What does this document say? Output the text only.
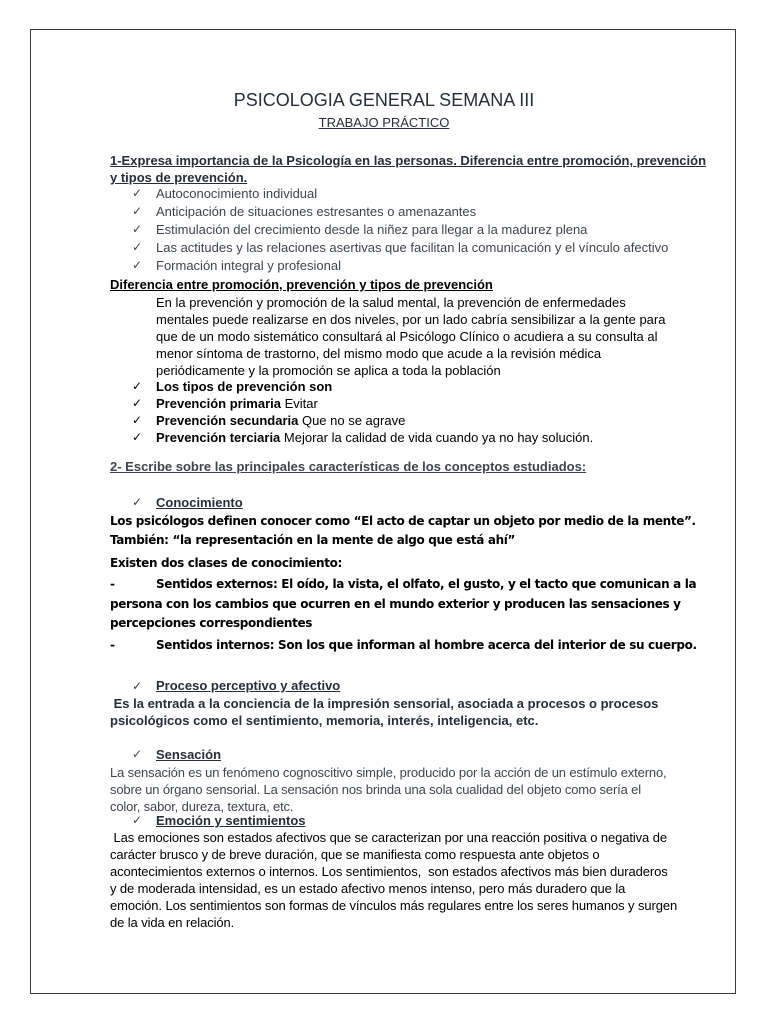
PSICOLOGIA GENERAL SEMANA III

TRABAJO PRÁCTICO

1-Expresa importancia de la Psicología en las personas. Diferencia entre promoción, prevención
y tipos de prevención.
✓ Autoconocimiento individual
✓ Anticipación de situaciones estresantes o amenazantes
✓ Estimulación del crecimiento desde la niñez para llegar a la madurez plena
✓ Las actitudes y las relaciones asertivas que facilitan la comunicación y el vínculo afectivo
✓ Formación integral y profesional

Diferencia entre promoción, prevención y tipos de prevención

En la prevención y promoción de la salud mental, la prevención de enfermedades
mentales puede realizarse en dos niveles, por un lado cabría sensibilizar a la gente para
que de un modo sistemático consultará al Psicólogo Clínico o acudiera a su consulta al
menor síntoma de trastorno, del mismo modo que acude a la revisión médica
periódicamente y la promoción se aplica a toda la población
✓ Los tipos de prevención son
✓ Prevención primaria Evitar
✓ Prevención secundaria Que no se agrave
✓ Prevención terciaria Mejorar la calidad de vida cuando ya no hay solución.

2- Escribe sobre las principales características de los conceptos estudiados:

✓ Conocimiento

Los psicólogos definen conocer como “El acto de captar un objeto por medio de la mente”.

También: “la representación en la mente de algo que está ahí”

Existen dos clases de conocimiento:

-	Sentidos externos: El oído, la vista, el olfato, el gusto, y el tacto que comunican a la

persona con los cambios que ocurren en el mundo exterior y producen las sensaciones y

percepciones correspondientes

-	Sentidos internos: Son los que informan al hombre acerca del interior de su cuerpo.

✓ Proceso perceptivo y afectivo
Es la entrada a la conciencia de la impresión sensorial, asociada a procesos o procesos
psicológicos como el sentimiento, memoria, interés, inteligencia, etc.
✓ Sensación
La sensación es un fenómeno cognoscitivo simple, producido por la acción de un estímulo externo,
sobre un órgano sensorial. La sensación nos brinda una sola cualidad del objeto como sería el
color, sabor, dureza, textura, etc.
✓ Emoción y sentimientos
Las emociones son estados afectivos que se caracterizan por una reacción positiva o negativa de
carácter brusco y de breve duración, que se manifiesta como respuesta ante objetos o
acontecimientos externos o internos. Los sentimientos,  son estados afectivos más bien duraderos
y de moderada intensidad, es un estado afectivo menos intenso, pero más duradero que la
emoción. Los sentimientos son formas de vínculos más regulares entre los seres humanos y surgen
de la vida en relación.
